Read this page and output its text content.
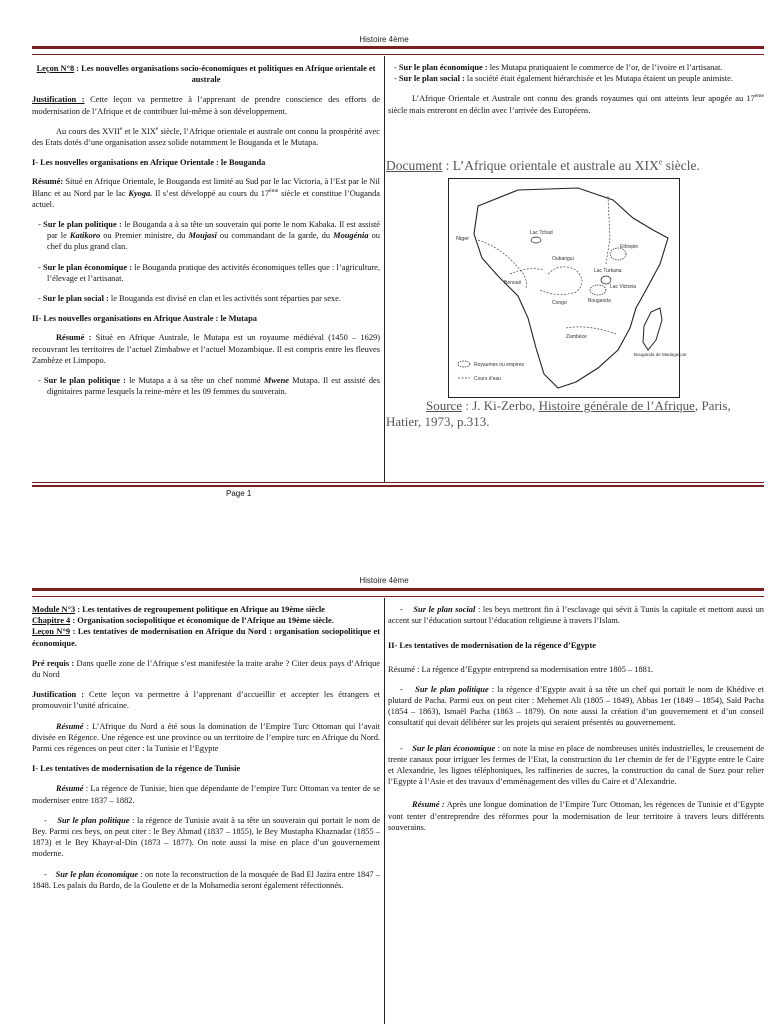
Histoire 4ème

Leçon N°8 : Les nouvelles organisations socio-économiques et politiques en Afrique orientale et australe

Justification : Cette leçon va permettre à l’apprenant de prendre conscience des efforts de modernisation de l’Afrique et de contribuer lui-même à son développement.

Au cours des XVIIe et le XIXe siècle, l’Afrique orientale et australe ont connu la prospérité avec des Etats dotés d’une organisation assez solide notamment le Bouganda et le Mutapa.

I- Les nouvelles organisations en Afrique Orientale : le Bouganda

Résumé: Situé en Afrique Orientale, le Bouganda est limité au Sud par le lac Victoria, à l’Est par le Nil Blanc et au Nord par le lac Kyoga. Il s’est développé au cours du 17ème siècle et constitue l’Ouganda actuel.

- Sur le plan politique : le Bouganda a à sa tête un souverain qui porte le nom Kabaka. Il est assisté par le Katikoro ou Premier ministre, du Moujasi ou commandant de la garde, du Mougénia ou chef du plus grand clan.

- Sur le plan économique : le Bouganda pratique des activités économiques telles que : l’agriculture, l’élevage et l’artisanat.

- Sur le plan social : le Bouganda est divisé en clan et les activités sont réparties par sexe.

II- Les nouvelles organisations en Afrique Australe : le Mutapa

Résumé : Situé en Afrique Australe, le Mutapa est un royaume médiéval (1450 – 1629) recouvrant les territoires de l’actuel Zimbabwe et l’actuel Mozambique. Il est compris entre les fleuves Zambèze et Limpopo.

- Sur le plan politique : le Mutapa a à sa tête un chef nommé Mwene Mutapa. Il est assisté des dignitaires parme lesquels la reine-mère et les 09 femmes du souverain.

- Sur le plan économique : les Mutapa pratiquaient le commerce de l’or, de l’ivoire et l’artisanat.

- Sur le plan social : la société était également hiérarchisée et les Mutapa étaient un peuple animiste.

L’Afrique Orientale et Australe ont connu des grands royaumes qui ont atteints leur apogée au 17ème siècle mais entreront en déclin avec l’arrivée des Européens.

Document : L’Afrique orientale et australe au XIXe siècle.
Niger
Lac Tchad
Benoué
Oubangui
Lac Turkana
Ethiopie
Lac Victoria
Bouganda
Congo
Zambèze
Bouganda de Madagascar
Royaumes ou empires
Cours d’eau
Source : J. Ki-Zerbo, Histoire générale de l’Afrique, Paris, Hatier, 1973, p.313.
Page 1
Histoire 4ème

Module N°3 : Les tentatives de regroupement politique en Afrique au 19ème siècle

Chapitre 4 : Organisation sociopolitique et économique de l’Afrique au 19ème siècle.

Leçon N°9 : Les tentatives de modernisation en Afrique du Nord : organisation sociopolitique et économique.

Pré requis : Dans quelle zone de l’Afrique s’est manifestée la traite arabe ? Citer deux pays d’Afrique du Nord

Justification : Cette leçon va permettre à l’apprenant d’accueillir et accepter les étrangers et promouvoir l’unité africaine.

Résumé : L’Afrique du Nord a été sous la domination de l’Empire Turc Ottoman qui l’avait divisée en Régence. Une régence est une province ou un territoire de l’empire turc en Afrique du Nord. Parmi ces régences on peut citer : la Tunisie et l’Egypte

I- Les tentatives de modernisation de la régence de Tunisie

Résumé : La régence de Tunisie, bien que dépendante de l’empire Turc Ottoman va tenter de se moderniser entre 1837 – 1882.

-    Sur le plan politique : la régence de Tunisie avait à sa tête un souverain qui portait le nom de Bey. Parmi ces beys, on peut citer : le Bey Ahmad (1837 – 1855), le Bey Mustapha Khaznadar (1855 – 1873) et le Bey Khayr-al-Din (1873 – 1877). On note aussi la mise en place d’un gouvernement moderne.

-    Sur le plan économique : on note la reconstruction de la mosquée de Bad El Jazira entre 1847 – 1848. Les palais du Bardo, de la Goulette et de la Mohamedia seront également réfectionnés.

-    Sur le plan social : les beys mettront fin à l’esclavage qui sévit à Tunis la capitale et mettont aussi un accent sur l’éducation surtout l’éducation religieuse à travers l’Islam.

II- Les tentatives de modernisation de la régence d’Egypte

Résumé : La régence d’Egypte entreprend sa modernisation entre 1805 – 1881.

-    Sur le plan politique : la régence d’Egypte avait à sa tête un chef qui portait le nom de Khédive et plutard de Pacha. Parmi eux on peut citer : Mehemet Ali (1805 – 1849), Abbas 1er (1849 – 1854), Saïd Pacha (1854 – 1863), Ismaël Pacha (1863 – 1879). On note aussi la création d’un gouvernement et d’un conseil consultatif qui devait délibérer sur les projets qui seraient présentés au gouvernement.

-    Sur le plan économique : on note la mise en place de nombreuses unités industrielles, le creusement de trente canaux pour irriguer les fermes de l’Etat, la construction du 1er chemin de fer de l’Egypte entre le Caire et Alexandrie, les lignes téléphoniques, les raffineries de sucres, la construction du canal de Suez pour relier l’Egypte à l’Asie et des travaux d’emménagement des villes du Caire et d’Alexandrie.

Résumé : Après une longue domination de l’Empire Turc Ottoman, les régences de Tunisie et d’Egypte vont tenter d’entreprendre des réformes pour la modernisation de leur territoire à travers leurs différents souverains.
